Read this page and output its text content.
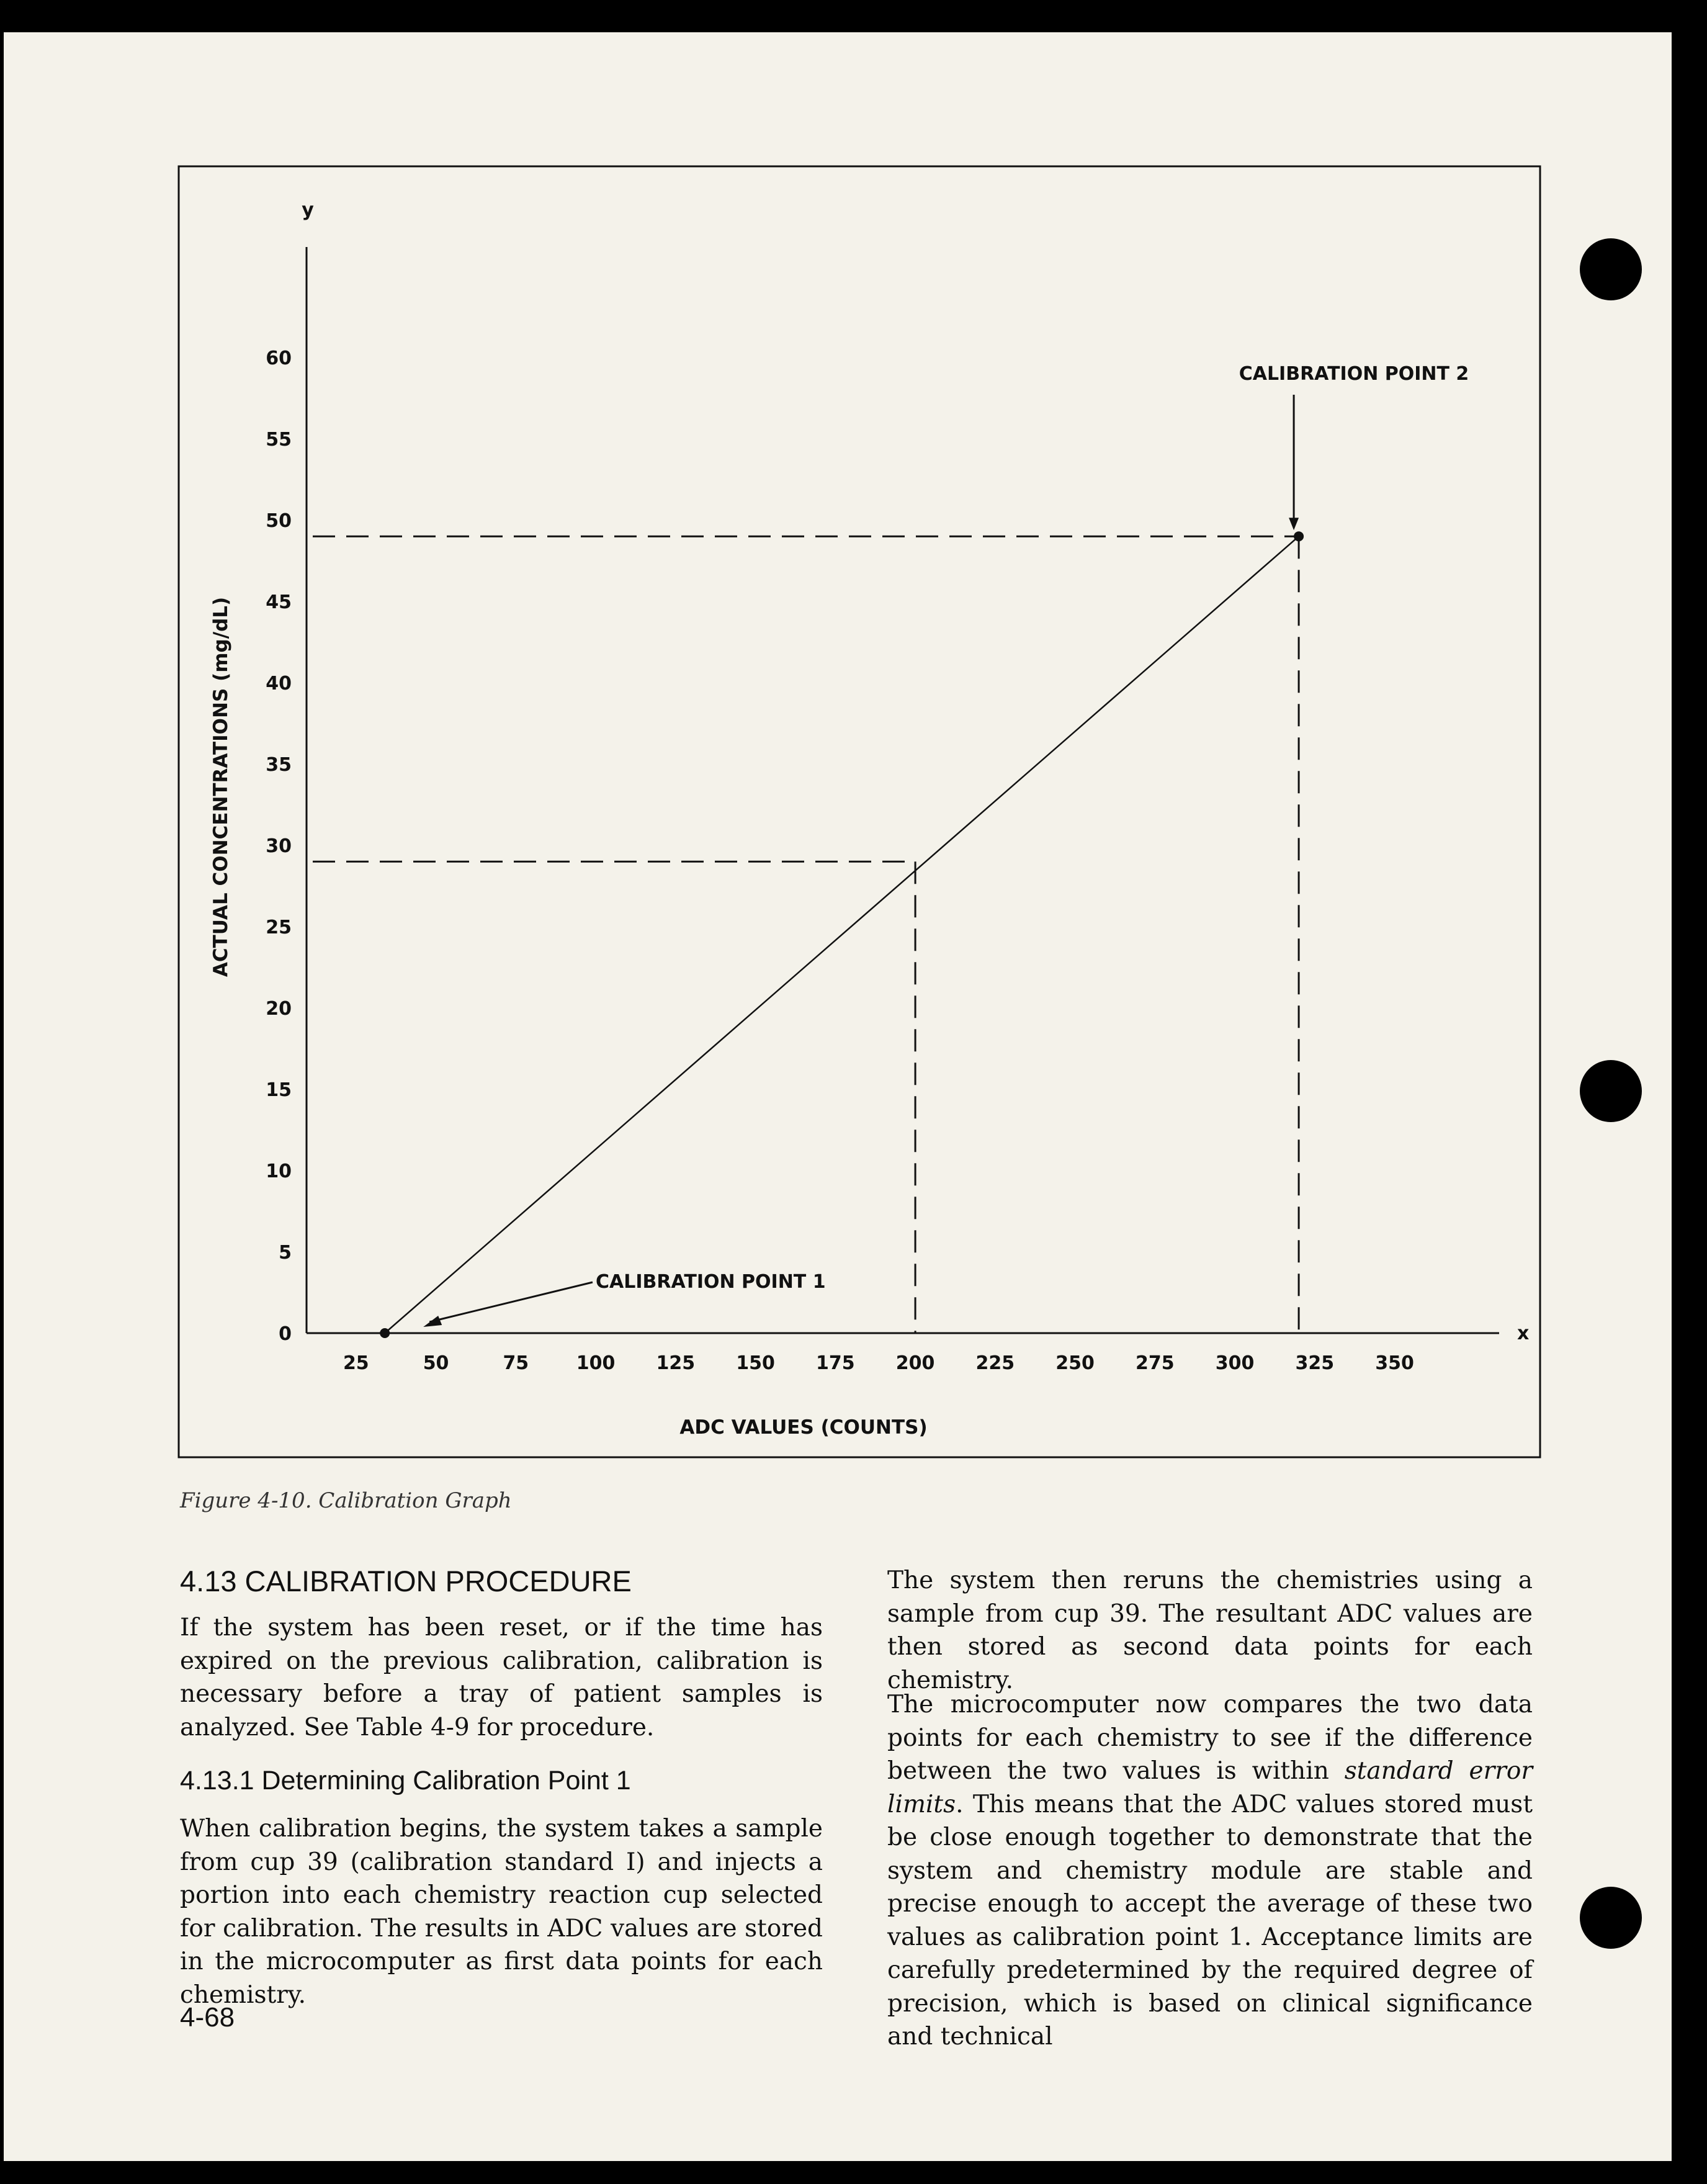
x
y
ADC VALUES (COUNTS)
ACTUAL CONCENTRATIONS (mg/dL)
25	50	75	100 125 150 175 200 225 250 275 300 325 350
0
5
10
15
20
25
30
35
40
45
50
55
60
CALIBRATION POINT 1
CALIBRATION POINT 2
Figure 4-10. Calibration Graph
4.13 CALIBRATION PROCEDURE

If the system has been reset, or if the time has expired on the previous calibration, calibration is necessary before a tray of patient samples is analyzed. See Table 4-9 for procedure.

4.13.1 Determining Calibration Point 1

When calibration begins, the system takes a sample from cup 39 (calibration standard I) and injects a portion into each chemistry reaction cup selected for calibration. The results in ADC values are stored in the microcomputer as first data points for each chemistry.

The system then reruns the chemistries using a sample from cup 39. The resultant ADC values are then stored as second data points for each chemistry.

The microcomputer now compares the two data points for each chemistry to see if the difference between the two values is within standard error limits. This means that the ADC values stored must be close enough together to demonstrate that the system and chemistry module are stable and precise enough to accept the average of these two values as calibration point 1. Acceptance limits are carefully predetermined by the required degree of precision, which is based on clinical significance and technical

4-68
